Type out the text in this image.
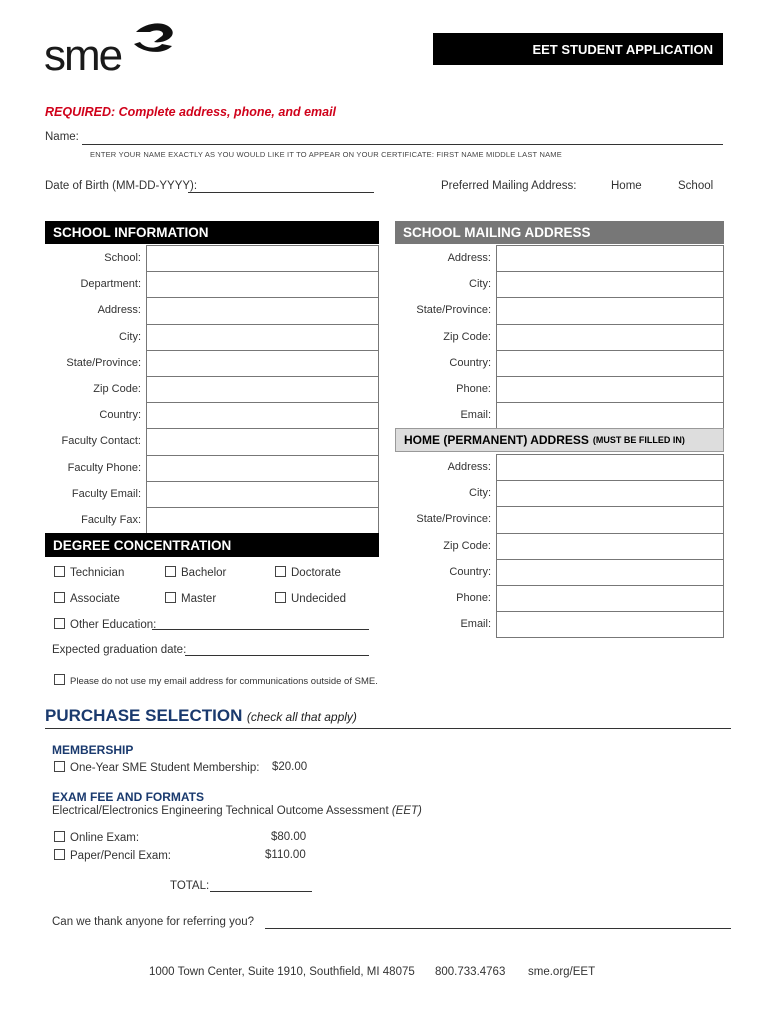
sme	EET STUDENT APPLICATION
REQUIRED: Complete address, phone, and email
Name:
ENTER YOUR NAME EXACTLY AS YOU WOULD LIKE IT TO APPEAR ON YOUR CERTIFICATE: FIRST NAME MIDDLE LAST NAME
Date of Birth (MM-DD-YYYY):	Preferred Mailing Address:	Home	School
SCHOOL INFORMATION
School:
Department:
Address:
City:
State/Province:
Zip Code:
Country:
Faculty Contact:
Faculty Phone:
Faculty Email:
Faculty Fax:
SCHOOL MAILING ADDRESS
Address:
City:
State/Province:
Zip Code:
Country:
Phone:
Email:
HOME (PERMANENT) ADDRESS (MUST BE FILLED IN)
Address:
City:
State/Province:
Zip Code:
Country:
Phone:
Email:
DEGREE CONCENTRATION
Technician	Bachelor	Doctorate
Associate	Master	Undecided
Other Education:
Expected graduation date:
Please do not use my email address for communications outside of SME.
PURCHASE SELECTION (check all that apply)
MEMBERSHIP
One-Year SME Student Membership: $20.00
EXAM FEE AND FORMATS
Electrical/Electronics Engineering Technical Outcome Assessment (EET)
Online Exam:	$80.00
Paper/Pencil Exam:	$110.00
TOTAL:
Can we thank anyone for referring you?
1000 Town Center, Suite 1910, Southfield, MI 48075 800.733.4763 sme.org/EET
